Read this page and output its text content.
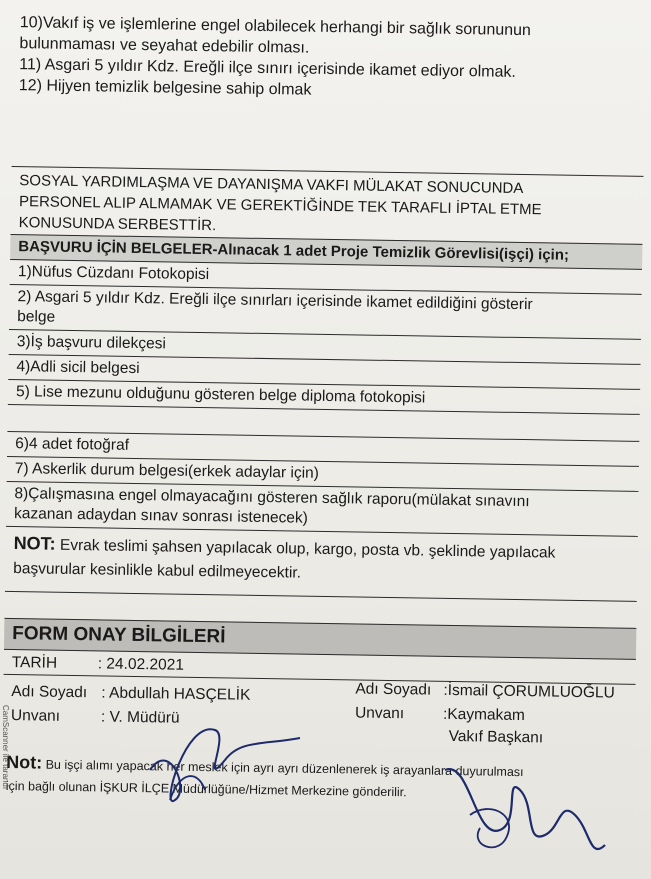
10)Vakıf iş ve işlemlerine engel olabilecek herhangi bir sağlık sorununun
bulunmaması ve seyahat edebilir olması.
11) Asgari 5 yıldır Kdz. Ereğli ilçe sınırı içerisinde ikamet ediyor olmak.
12) Hijyen temizlik belgesine sahip olmak
SOSYAL YARDIMLAŞMA VE DAYANIŞMA VAKFI MÜLAKAT SONUCUNDA
PERSONEL ALIP ALMAMAK VE GEREKTİĞİNDE TEK TARAFLI İPTAL ETME
KONUSUNDA SERBESTTİR.
BAŞVURU İÇİN BELGELER-Alınacak 1 adet Proje Temizlik Görevlisi(işçi) için;
1)Nüfus Cüzdanı Fotokopisi
2) Asgari 5 yıldır Kdz. Ereğli ilçe sınırları içerisinde ikamet edildiğini gösterir
belge
3)İş başvuru dilekçesi
4)Adli sicil belgesi
5) Lise mezunu olduğunu gösteren belge diploma fotokopisi
6)4 adet fotoğraf
7) Askerlik durum belgesi(erkek adaylar için)
8)Çalışmasına engel olmayacağını gösteren sağlık raporu(mülakat sınavını
kazanan adaydan sınav sonrası istenecek)
NOT: Evrak teslimi şahsen yapılacak olup, kargo, posta vb. şeklinde yapılacak başvurular kesinlikle kabul edilmeyecektir.
FORM ONAY BİLGİLERİ
TARİH	: 24.02.2021
Adı Soyadı : Abdullah HASÇELİK
Unvanı	: V. Müdürü
Adı Soyadı :İsmail ÇORUMLUOĞLU
Unvanı :Kaymakam
Vakıf Başkanı
Not: Bu işçi alımı yapacak her meslek için ayrı ayrı düzenlenerek iş arayanlara duyurulması
için bağlı olunan İŞKUR İLÇE Müdürlüğüne/Hizmet Merkezine gönderilir.
CamScanner ile tarandı
